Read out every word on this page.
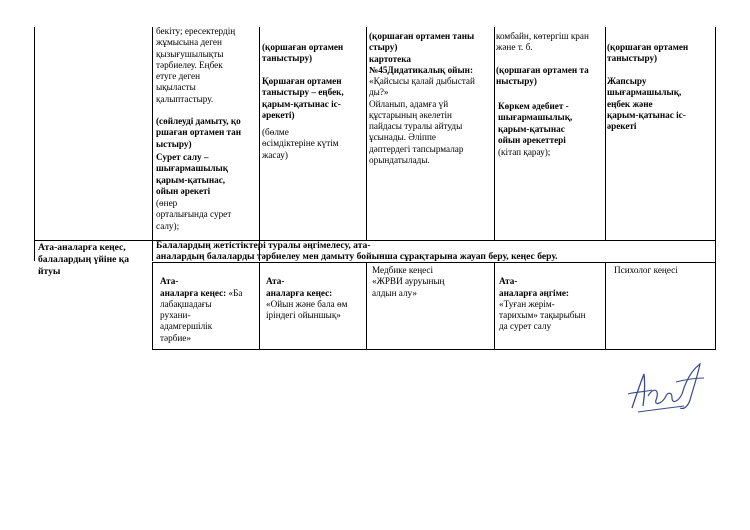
бекіту; ересектердің
жұмысына деген
қызығушылықты
тәрбиелеу. Еңбек
етуге деген
ықыласты
қалыптастыру.
(сөйлеуді дамыту, қо
ршаған ортамен тан
ыстыру)
Сурет салу –
шығармашылық
қарым-қатынас,
ойын әрекеті
(өнер
орталығында сурет
салу);
(қоршаған ортамен
таныстыру)
Қоршаған ортамен
таныстыру – еңбек,
қарым-қатынас іс-
әрекеті)
(бөлме
өсімдіктеріне күтім
жасау)
(қоршаған ортамен таны
стыру)
картотека
№45Дидатикалық ойын:
«Қайсысы қалай дыбыстай
ды?»
Ойланып, адамға үй
құстарының әкелетін
пайдасы туралы айтуды
ұсынады. Әлiппе
дәптердегі тапсырмалар
орындатылады.
комбайн, көтергіш кран
және т. б.
(қоршаған ортамен та
ныстыру)
Көркем әдебиет -
шығармашылық,
қарым-қатынас
ойын әрекеттері
(кітап қарау);
(қоршаған ортамен
таныстыру)
Жапсыру
шығармашылық,
еңбек және
қарым-қатынас іс-
әрекеті
Ата-аналарға кеңес,
балалардың үйіне қа
йтуы
Балалардың жетістіктері туралы әңгімелесу, ата-
аналардың балаларды тәрбиелеу мен дамыту бойынша сұрақтарына жауап беру, кеңес беру.

Ата-
аналарға кеңес: «Ба
лабақшадағы
рухани-
адамгершілік
тәрбие»

Ата-
аналарға кеңес:
«Ойын және бала өм
іріндегі ойыншық»

Медбике кеңесі
«ЖРВИ ауруының
алдын алу»

Ата-
аналарға әңгіме:
«Туған жерім-
тарихым» тақырыбын
да сурет салу

Психолог кеңесі
